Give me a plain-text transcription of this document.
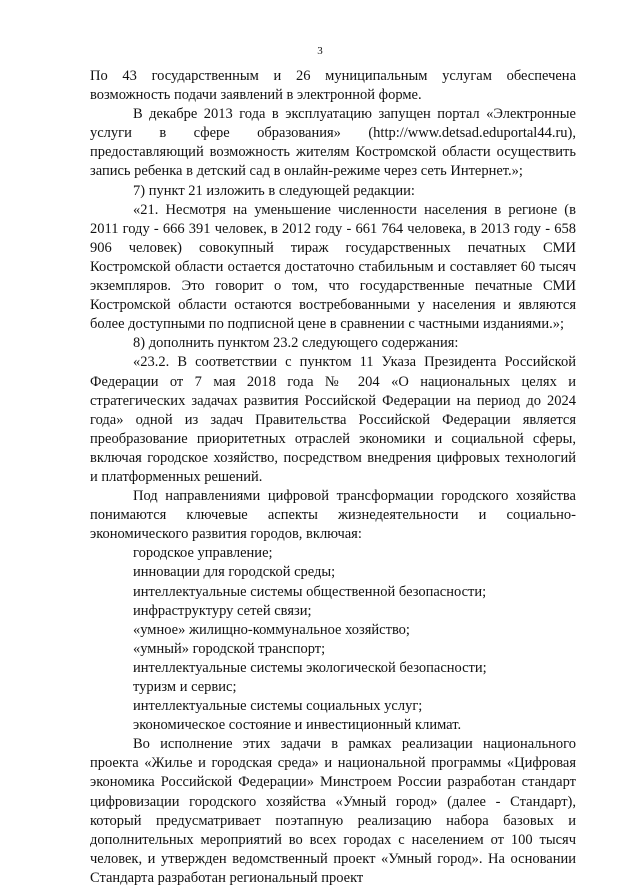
3

По 43 государственным и 26 муниципальным услугам обеспечена возможность подачи заявлений в электронной форме.

В декабре 2013 года в эксплуатацию запущен портал «Электронные услуги в сфере образования» (http://www.detsad.eduportal44.ru), предоставляющий возможность жителям Костромской области осуществить запись ребенка в детский сад в онлайн-режиме через сеть Интернет.»;

7) пункт 21 изложить в следующей редакции:

«21. Несмотря на уменьшение численности населения в регионе (в 2011 году - 666 391 человек, в 2012 году - 661 764 человека, в 2013 году - 658 906 человек) совокупный тираж государственных печатных СМИ Костромской области остается достаточно стабильным и составляет 60 тысяч экземпляров. Это говорит о том, что государственные печатные СМИ Костромской области остаются востребованными у населения и являются более доступными по подписной цене в сравнении с частными изданиями.»;

8) дополнить пунктом 23.2 следующего содержания:

«23.2. В соответствии с пунктом 11 Указа Президента Российской Федерации от 7 мая 2018 года № 204 «О национальных целях и стратегических задачах развития Российской Федерации на период до 2024 года» одной из задач Правительства Российской Федерации является преобразование приоритетных отраслей экономики и социальной сферы, включая городское хозяйство, посредством внедрения цифровых технологий и платформенных решений.

Под направлениями цифровой трансформации городского хозяйства понимаются ключевые аспекты жизнедеятельности и социально-экономического развития городов, включая:

городское управление;

инновации для городской среды;

интеллектуальные системы общественной безопасности;

инфраструктуру сетей связи;

«умное» жилищно-коммунальное хозяйство;

«умный» городской транспорт;

интеллектуальные системы экологической безопасности;

туризм и сервис;

интеллектуальные системы социальных услуг;

экономическое состояние и инвестиционный климат.

Во исполнение этих задачи в рамках реализации национального проекта «Жилье и городская среда» и национальной программы «Цифровая экономика Российской Федерации» Минстроем России разработан стандарт цифровизации городского хозяйства «Умный город» (далее - Стандарт), который предусматривает поэтапную реализацию набора базовых и дополнительных мероприятий во всех городах с населением от 100 тысяч человек, и утвержден ведомственный проект «Умный город». На основании Стандарта разработан региональный проект
